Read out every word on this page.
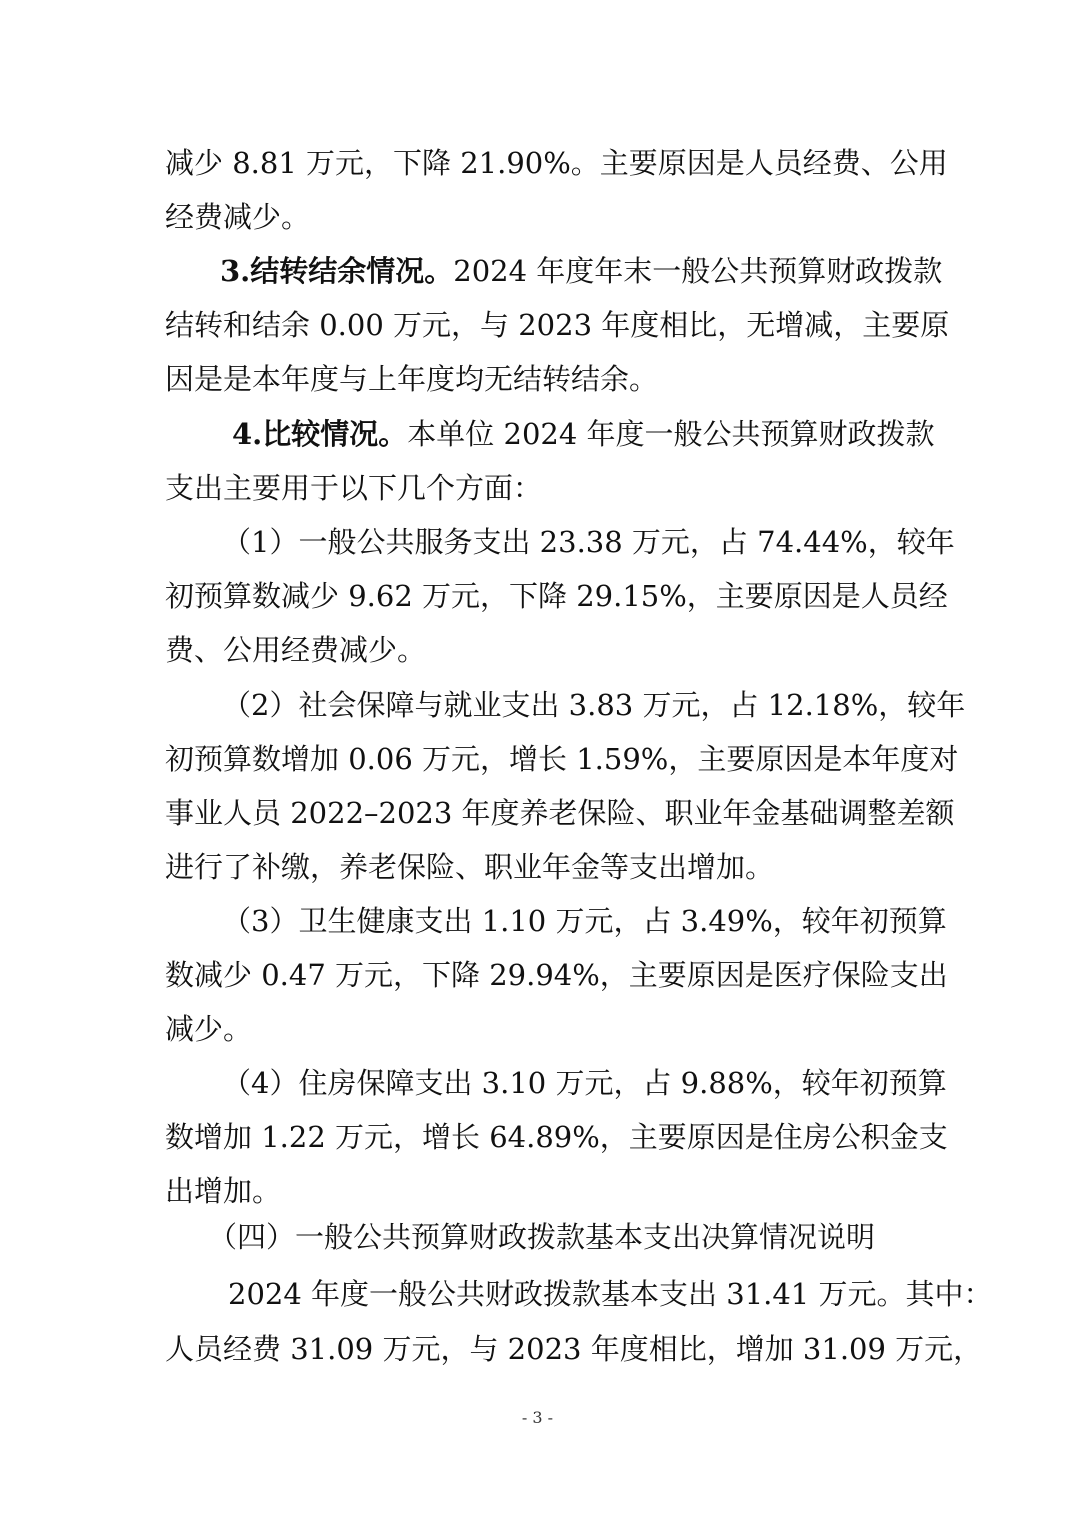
减少 8.81 万元，下降 21.90%。主要原因是人员经费、公用
经费减少。
3.结转结余情况。2024 年度年末一般公共预算财政拨款
结转和结余 0.00 万元，与 2023 年度相比，无增减，主要原
因是是本年度与上年度均无结转结余。
4.比较情况。本单位 2024 年度一般公共预算财政拨款
支出主要用于以下几个方面：
（1）一般公共服务支出 23.38 万元，占 74.44%，较年
初预算数减少 9.62 万元，下降 29.15%，主要原因是人员经
费、公用经费减少。
（2）社会保障与就业支出 3.83 万元，占 12.18%，较年
初预算数增加 0.06 万元，增长 1.59%，主要原因是本年度对
事业人员 2022–2023 年度养老保险、职业年金基础调整差额
进行了补缴，养老保险、职业年金等支出增加。
（3）卫生健康支出 1.10 万元，占 3.49%，较年初预算
数减少 0.47 万元，下降 29.94%，主要原因是医疗保险支出
减少。
（4）住房保障支出 3.10 万元，占 9.88%，较年初预算
数增加 1.22 万元，增长 64.89%，主要原因是住房公积金支
出增加。
（四）一般公共预算财政拨款基本支出决算情况说明
2024 年度一般公共财政拨款基本支出 31.41 万元。其中：
人员经费 31.09 万元，与 2023 年度相比，增加 31.09 万元，
- 3 -
